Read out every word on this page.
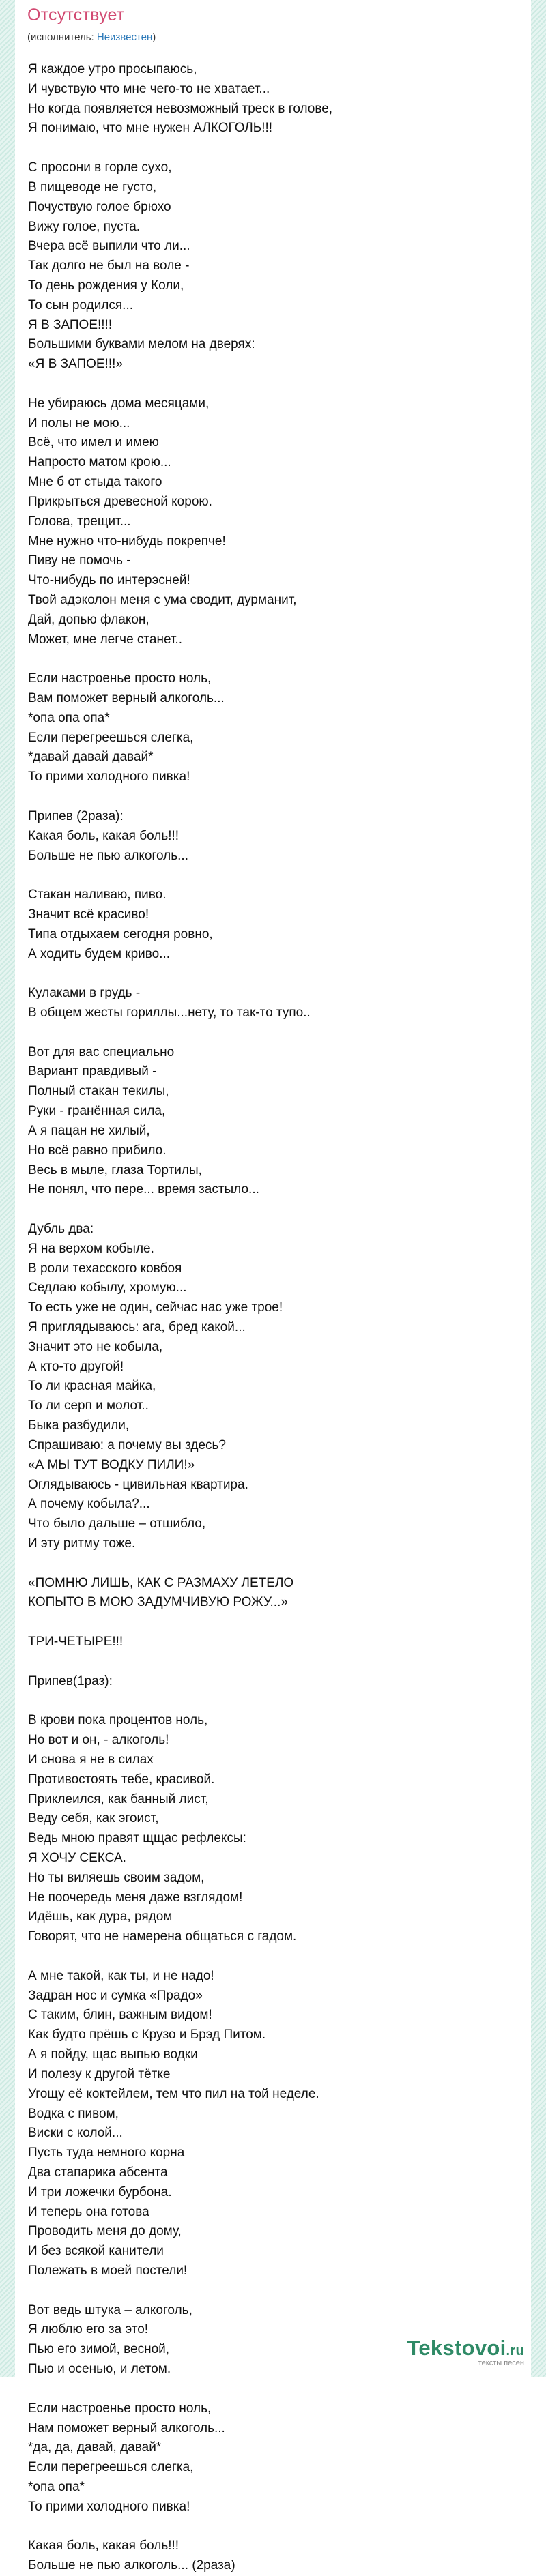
Отсутствует
(исполнитель: Неизвестен)
Я каждое утро просыпаюсь,
И чувствую что мне чего-то не хватает...
Но когда появляется невозможный треск в голове,
Я понимаю, что мне нужен АЛКОГОЛЬ!!!
С просони в горле сухо,
В пищеводе не густо,
Почуствую голое брюхо
Вижу голое, пуста.
Вчера всё выпили что ли...
Так долго не был на воле -
То день рождения у Коли,
То сын родился...
Я В ЗАПОЕ!!!!
Большими буквами мелом на дверях:
«Я В ЗАПОЕ!!!»
Не убираюсь дома месяцами,
И полы не мою...
Всё, что имел и имею
Напросто матом крою...
Мне б от стыда такого
Прикрыться древесной корою.
Голова, трещит...
Мне нужно что-нибудь покрепче!
Пиву не помочь -
Что-нибудь по интерэсней!
Твой адэколон меня с ума сводит, дурманит,
Дай, допью флакон,
Может, мне легче станет..
Если настроенье просто ноль,
Вам поможет верный алкоголь...
*опа опа опа*
Если перегреешься слегка,
*давай давай давай*
То прими холодного пивка!
Припев (2раза):
Какая боль, какая боль!!!
Больше не пью алкоголь...
Стакан наливаю, пиво.
Значит всё красиво!
Типа отдыхаем сегодня ровно,
А ходить будем криво...
Кулаками в грудь -
В общем жесты гориллы...нету, то так-то тупо..
Вот для вас специально
Вариант правдивый -
Полный стакан текилы,
Руки - гранённая сила,
А я пацан не хилый,
Но всё равно прибило.
Весь в мыле, глаза Тортилы,
Не понял, что пере... время застыло...
Дубль два:
Я на верхом кобыле.
В роли техасского ковбоя
Седлаю кобылу, хромую...
То есть уже не один, сейчас нас уже трое!
Я приглядываюсь: ага, бред какой...
Значит это не кобыла,
А кто-то другой!
То ли красная майка,
То ли серп и молот..
Быка разбудили,
Спрашиваю: а почему вы здесь?
«А МЫ ТУТ ВОДКУ ПИЛИ!»
Оглядываюсь - цивильная квартира.
А почему кобыла?...
Что было дальше – отшибло,
И эту ритму тоже.
«ПОМНЮ ЛИШЬ, КАК С РАЗМАХУ ЛЕТЕЛО
КОПЫТО В МОЮ ЗАДУМЧИВУЮ РОЖУ...»
ТРИ-ЧЕТЫРЕ!!!
Припев(1раз):
В крови пока процентов ноль,
Но вот и он, - алкоголь!
И снова я не в силах
Противостоять тебе, красивой.
Приклеился, как банный лист,
Веду себя, как эгоист,
Ведь мною правят щщас рефлексы:
Я ХОЧУ СЕКСА.
Но ты виляешь своим задом,
Не поочередь меня даже взглядом!
Идёшь, как дура, рядом
Говорят, что не намерена общаться с гадом.
А мне такой, как ты, и не надо!
Задран нос и сумка «Прадо»
С таким, блин, важным видом!
Как будто прёшь с Крузо и Брэд Питом.
А я пойду, щас выпью водки
И полезу к другой тётке
Угощу её коктейлем, тем что пил на той неделе.
Водка с пивом,
Виски с колой...
Пусть туда немного корна
Два стапарика абсента
И три ложечки бурбона.
И теперь она готова
Проводить меня до дому,
И без всякой канители
Полежать в моей постели!
Вот ведь штука – алкоголь,
Я люблю его за это!
Пью его зимой, весной,
Пью и осенью, и летом.
Если настроенье просто ноль,
Нам поможет верный алкоголь...
*да, да, давай, давай*
Если перегреешься слегка,
*опа опа*
То прими холодного пивка!
Какая боль, какая боль!!!
Больше не пью алкоголь... (2раза)
Tekstovoi.ru
тексты песен
